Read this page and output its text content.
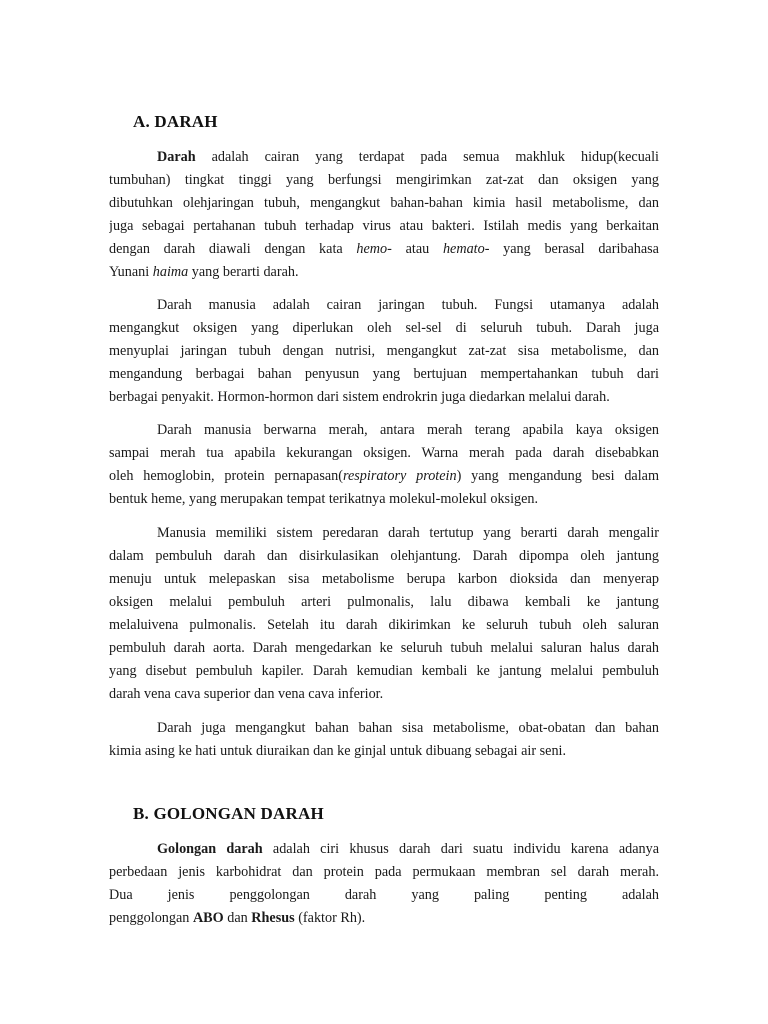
A. DARAH
Darah adalah cairan yang terdapat pada semua makhluk hidup(kecuali
tumbuhan) tingkat tinggi yang berfungsi mengirimkan zat-zat dan oksigen yang
dibutuhkan olehjaringan tubuh, mengangkut bahan-bahan kimia hasil metabolisme, dan
juga sebagai pertahanan tubuh terhadap virus atau bakteri. Istilah medis yang berkaitan
dengan darah diawali dengan kata hemo- atau hemato- yang berasal daribahasa
Yunani haima yang berarti darah.
Darah manusia adalah cairan jaringan tubuh. Fungsi utamanya adalah
mengangkut oksigen yang diperlukan oleh sel-sel di seluruh tubuh. Darah juga
menyuplai jaringan tubuh dengan nutrisi, mengangkut zat-zat sisa metabolisme, dan
mengandung berbagai bahan penyusun yang bertujuan mempertahankan tubuh dari
berbagai penyakit. Hormon-hormon dari sistem endrokrin juga diedarkan melalui darah.
Darah manusia berwarna merah, antara merah terang apabila kaya oksigen
sampai merah tua apabila kekurangan oksigen. Warna merah pada darah disebabkan
oleh hemoglobin, protein pernapasan(respiratory protein) yang mengandung besi dalam
bentuk heme, yang merupakan tempat terikatnya molekul-molekul oksigen.
Manusia memiliki sistem peredaran darah tertutup yang berarti darah mengalir
dalam pembuluh darah dan disirkulasikan olehjantung. Darah dipompa oleh jantung
menuju untuk melepaskan sisa metabolisme berupa karbon dioksida dan menyerap
oksigen melalui pembuluh arteri pulmonalis, lalu dibawa kembali ke jantung
melaluivena pulmonalis. Setelah itu darah dikirimkan ke seluruh tubuh oleh saluran
pembuluh darah aorta. Darah mengedarkan ke seluruh tubuh melalui saluran halus darah
yang disebut pembuluh kapiler. Darah kemudian kembali ke jantung melalui pembuluh
darah vena cava superior dan vena cava inferior.
Darah juga mengangkut bahan bahan sisa metabolisme, obat-obatan dan bahan
kimia asing ke hati untuk diuraikan dan ke ginjal untuk dibuang sebagai air seni.
B. GOLONGAN DARAH
Golongan darah adalah ciri khusus darah dari suatu individu karena adanya
perbedaan jenis karbohidrat dan protein pada permukaan membran sel darah merah.
Dua jenis penggolongan darah yang paling penting adalah
penggolongan ABO dan Rhesus (faktor Rh).
